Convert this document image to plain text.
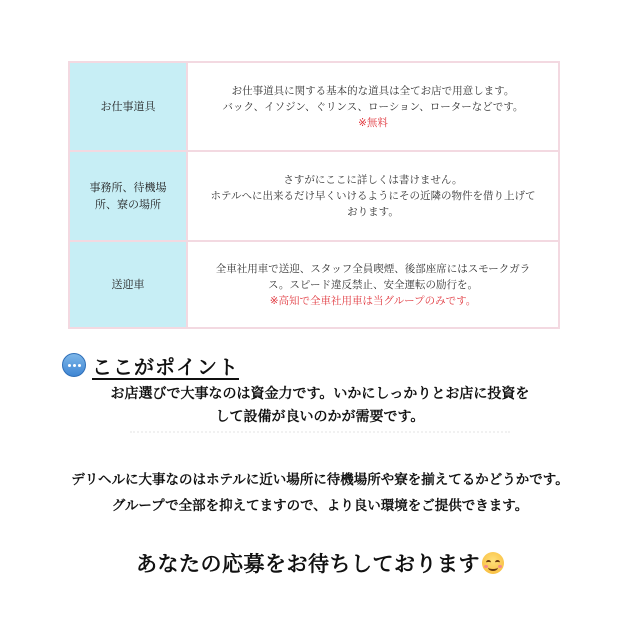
お仕事道具	お仕事道具に関する基本的な道具は全てお店で用意します。
バック、イソジン、ぐリンス、ローション、ローターなどです。
※無料

事務所、待機場
所、寮の場所	さすがにここに詳しくは書けません。
ホテルへに出来るだけ早くいけるようにその近隣の物件を借り上げて
おります。

送迎車	全車社用車で送迎、スタッフ全員喫煙、後部座席にはスモークガラ
ス。スピード違反禁止、安全運転の励行を。
※高知で全車社用車は当グループのみです。
ここがポイント
お店選びで大事なのは資金力です。いかにしっかりとお店に投資を
して設備が良いのかが需要です。
デリヘルに大事なのはホテルに近い場所に待機場所や寮を揃えてるかどうかです。
グループで全部を抑えてますので、より良い環境をご提供できます。
あなたの応募をお待ちしております
